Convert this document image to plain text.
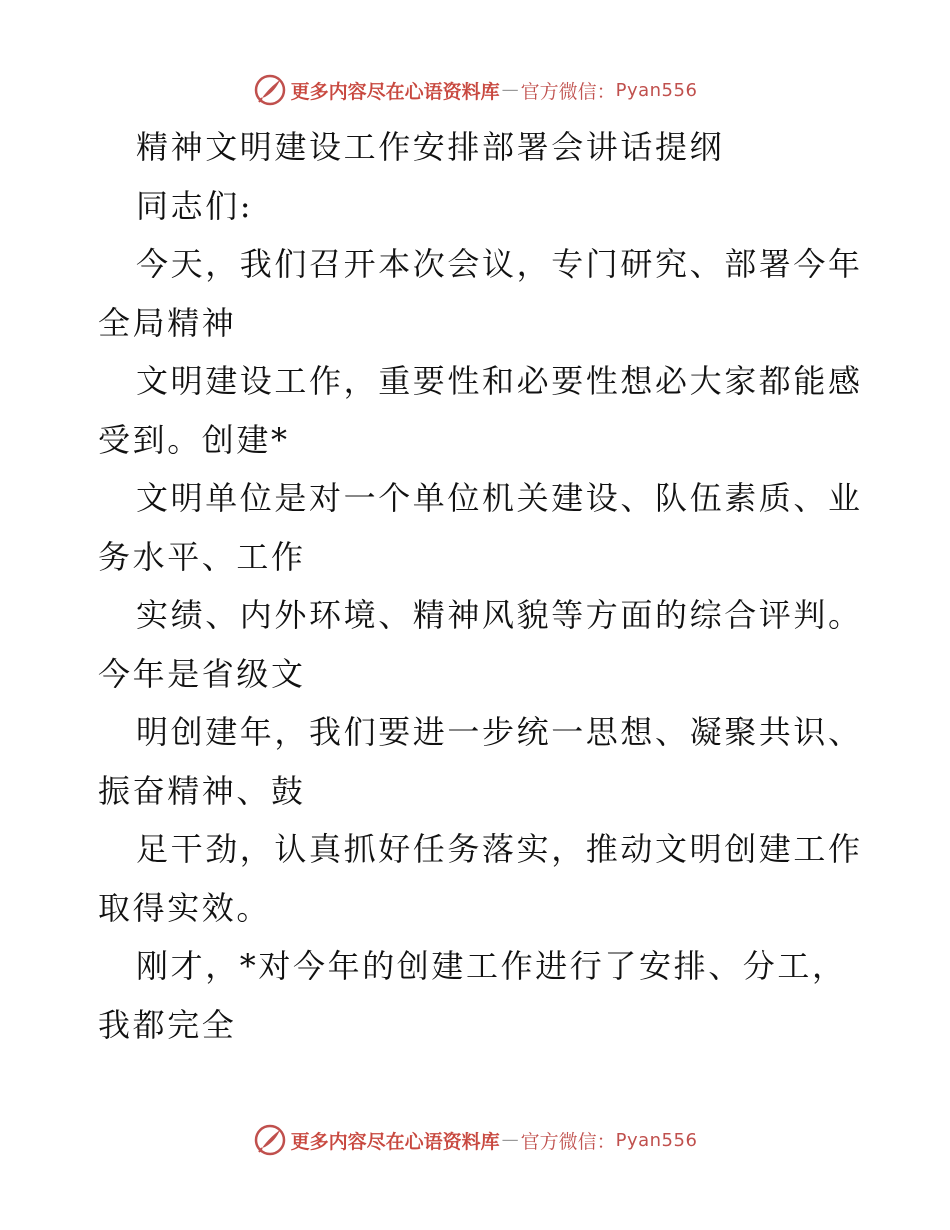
更多内容尽在心语资料库 — 官方微信： Pyan556
精神文明建设工作安排部署会讲话提纲
同志们:
今天，我们召开本次会议，专门研究、部署今年
全局精神
文明建设工作，重要性和必要性想必大家都能感
受到。创建*
文明单位是对一个单位机关建设、队伍素质、业
务水平、工作
实绩、内外环境、精神风貌等方面的综合评判。
今年是省级文
明创建年，我们要进一步统一思想、凝聚共识、
振奋精神、鼓
足干劲，认真抓好任务落实，推动文明创建工作
取得实效。
刚才，*对今年的创建工作进行了安排、分工，
我都完全
更多内容尽在心语资料库 — 官方微信： Pyan556
